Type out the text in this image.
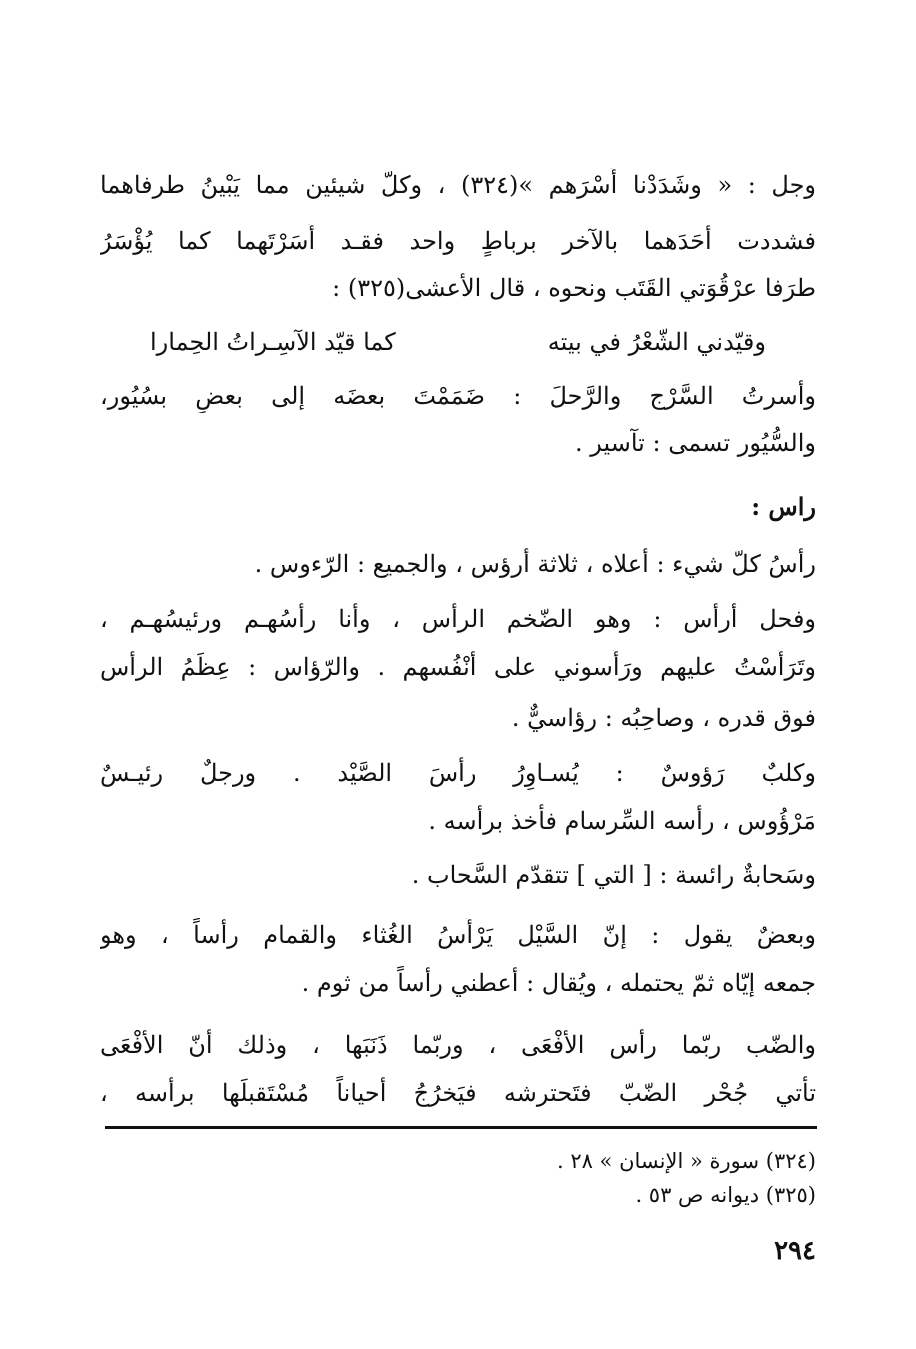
وجل : « وشَدَدْنا أَسْرَهم »(٣٢٤) ، وكلّ شيئين مما يَبْينُ طرفاهما
فشددت أحَدَهما بالآخر برباطٍ واحد فقـد أَسَرْتَهما كما يُؤْسَرُ
طرَفا عرْقُوَتي القَتَب ونحوه ، قال الأعشى(٣٢٥) :
وقيّدني الشّعْرُ في بيته
كما قيّد الآسِـراتُ الحِمارا
وأسرتُ السَّرْج والرَّحلَ : ضَمَمْتَ بعضَه إلى بعضٍ بسُيُور،
والسُّيُور تسمى : تآسير .
راس :
رأسُ كلّ شيء : أعلاه ، ثلاثة أرؤس ، والجميع : الرّءوس .
وفحل أرأس : وهو الضّخم الرأس ، وأنا رأسُهـم ورئيسُهـم ،
وتَرَأَسْتُ عليهم ورَأَسوني على أنْفُسهم . والرّؤاس : عِظَمُ الرأس
فوق قدره ، وصاحِبُه : رؤاسيٌّ .
وكلبٌ رَؤوسٌ : يُسـاوِرُ رأسَ الصَّيْد . ورجلٌ رئيـسٌ
مَرْؤُوس ، رأسه السِّرسام فأخذ برأسه .
وسَحابةٌ رائسة : [ التي ] تتقدّم السَّحاب .
وبعضٌ يقول : إنّ السَّيْل يَرْأَسُ الغُثاء والقمام رأساً ، وهو
جمعه إيّاه ثمّ يحتمله ، ويُقال : أعطني رأساً من ثوم .
والضّب ربّما رأس الأفْعَى ، وربّما ذَنَبَها ، وذلك أنّ الأفْعَى
تأتي جُحْر الضّبّ فتَحترشه فيَخرُجُ أحياناً مُسْتَقبلَها برأسه ،
(٣٢٤) سورة « الإنسان » ٢٨ .
(٣٢٥) ديوانه ص ٥٣ .
٢٩٤
